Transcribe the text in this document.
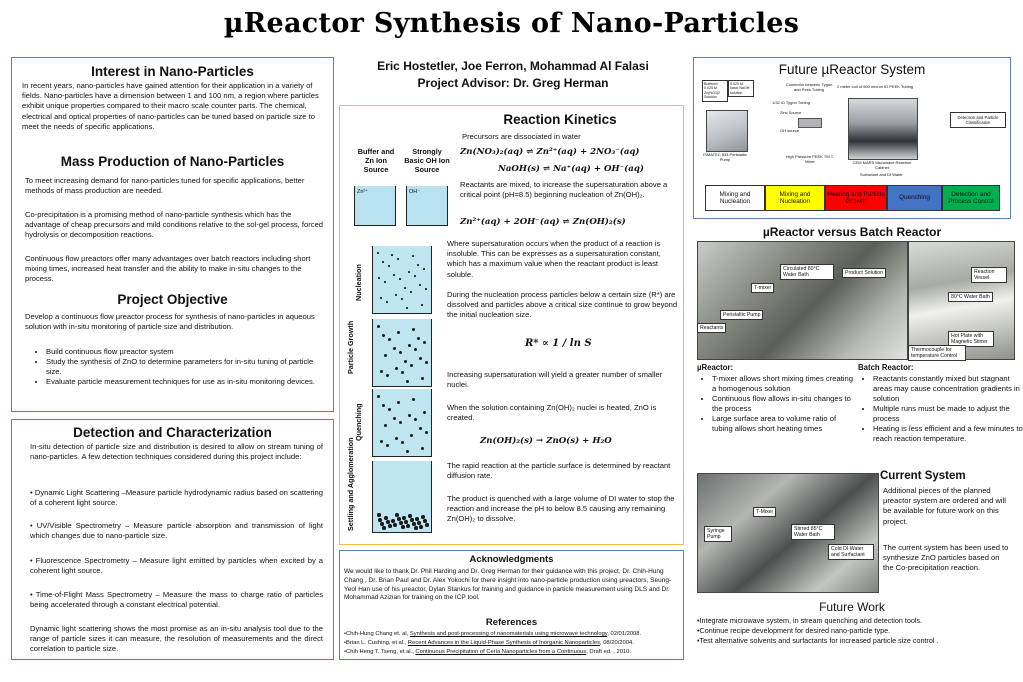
µReactor Synthesis of Nano-Particles
Interest in Nano-Particles

In recent years, nano-particles have gained attention for their application in a variety of fields. Nano-particles have a dimension between 1 and 100 nm, a region where particles exhibit unique properties compared to their macro scale counter parts. The chemical, electrical and optical properties of nano-particles can be tuned based on particle size to meet the needs of specific applications.

Mass Production of Nano-Particles

To meet increasing demand for nano-particles tuned for specific applications, better methods of mass production are needed.

Co-precipitation is a promising method of nano-particle synthesis which has the advantage of cheap precursors and mild conditions relative to the sol-gel process, forced hydrolysis or decomposition reactions.

Continuous flow µreactors offer many advantages over batch reactors including short mixing times, increased heat transfer and the ability to make in-situ changes to the process.

Project Objective

Develop a continuous flow µreactor process for synthesis of nano-particles in aqueous solution with in-situ monitoring of particle size and distribution.

• Build continuous flow µreactor system
• Study the synthesis of ZnO to determine parameters for in-situ tuning of particle size.
• Evaluate particle measurement techniques for use as in-situ monitoring devices.
Detection and Characterization

In-situ detection of particle size and distribution is desired to allow on stream tuning of nano-particles. A few detection techniques considered during this project include:

• Dynamic Light Scattering –Measure particle hydrodynamic radius based on scattering of a coherent light source.

• UV/Visible Spectrometry – Measure particle absorption and transmission of light which changes due to nano-particle size.

• Fluorescence Spectrometry – Measure light emitted by particles when excited by a coherent light source.

• Time-of-Flight Mass Spectrometry – Measure the mass to charge ratio of particles being accelerated through a constant electrical potential.

Dynamic light scattering shows the most promise as an in-situ analysis tool due to the range of particle sizes it can measure, the resolution of measurements and the direct correlation to particle size.

Eric Hostetler, Joe Ferron, Mohammad Al Falasi
Project Advisor: Dr. Greg Herman
Reaction Kinetics
Buffer and Zn Ion Source
Strongly Basic OH Ion Source
Zn²⁺	OH⁻
Nucleation
Particle Growth
Quenching
Settling and Agglomeration

Precursors are dissociated in water

Zn(NO₃)₂(aq) ⇌ Zn²⁺(aq) + 2NO₃⁻(aq)
NaOH(s) ⇌ Na⁺(aq) + OH⁻(aq)

Reactants are mixed, to increase the supersaturation above a critical point (pH=8.5) beginning nucleation of Zn(OH)₂.

Zn²⁺(aq) + 2OH⁻(aq) ⇌ Zn(OH)₂(s)

Where supersaturation occurs when the product of a reaction is insoluble. This can be expresses as a supersaturation constant, which has a maximum value when the reactant product is least soluble.

During the nucleation process particles below a certain size (R*) are dissolved and particles above a critical size continue to grow beyond the initial nucleation size.

R* ∝ 1 / ln S

Increasing supersaturation will yield a greater number of smaller nuclei.

When the solution containing Zn(OH)₂ nuclei is heated, ZnO is created.

Zn(OH)₂(s) → ZnO(s) + H₂O

The rapid reaction at the particle surface is determined by reactant diffusion rate.

The product is quenched with a large volume of DI water to stop the reaction and increase the pH to below 8.5 causing any remaining Zn(OH)₂ to dissolve.

Acknowledgments

We would like to thank Dr. Phil Harding and Dr. Greg Herman for their guidance with this project, Dr. Chih-Hung Chang , Dr. Brian Paul and Dr. Alex Yokochi for there insight into nano-particle production using µreactors, Seung-Yeol Han use of his µreactor, Dylan Stankus for training and guidance in particle measurement using DLS and Dr. Mohammad Azizian for training on the ICP tool.

References
•Chih-Hung Chang et. al, Synthesis and post-processing of nanomaterials using microwave technology, 02/01/2008.
•Brian L. Cushing, et al., Recent Advances in the Liquid-Phase Synthesis of Inorganic Nanoparticles, 08/20/2004.
•Chih Heng T. Tseng, et al., Continuous Precipitation of Ceria Nanoparticles from a Continuous, Draft ed. , 2010.
Future µReactor System
Buffered 0.025 M Zn(NO3)2 Solution
0.025 M basic NaOH solution
Connector between Tygon and Peek Tubing
2 meter coil of 500 micron ID PEEK Tubing
1/32 ID Tygon Tubing
Zinc Source
OH source
Detection and Particle Classification
ISMATEC 833 Peristaltic Pump
High Pressure PEEK TM T-Mixer	CEM MARS Microwave Reaction Cabinet
Surfactant and DI Water
Mixing and Nucleation
Mixing and Nucleation
Heating and Particle Growth
Quenching
Detection and Process Control
µReactor versus Batch Reactor
Circulated 80°C Water Bath	Product Solution
T-mixer
Peristaltic Pump
Reactants
Reaction Vessel
80°C Water Bath
Hot Plate with Magnetic Stirrer
Thermocouple for temperature Control
µReactor:
• T-mixer allows short mixing times creating a homogenous solution
• Continuous flow allows in-situ changes to the process
• Large surface area to volume ratio of tubing allows short heating times
Batch Reactor:
• Reactants constantly mixed but stagnant areas may cause concentration gradients in solution
• Multiple runs must be made to adjust the process
• Heating is less efficient and a few minutes to reach reaction temperature.
T-Mixer
Syringe Pump
Stirred 85°C Water Bath
Cold DI Water and Surfactant
Current System

Additional pieces of the planned µreactor system are ordered and will be available for future work on this project.

The current system has been used to synthesize ZnO particles based on the Co-precipitation reaction.

Future Work
•Integrate microwave system, in stream quenching and detection tools.
•Continue recipe development for desired nano-particle type.
•Test alternative solvents and surfactants for increased particle size control .
